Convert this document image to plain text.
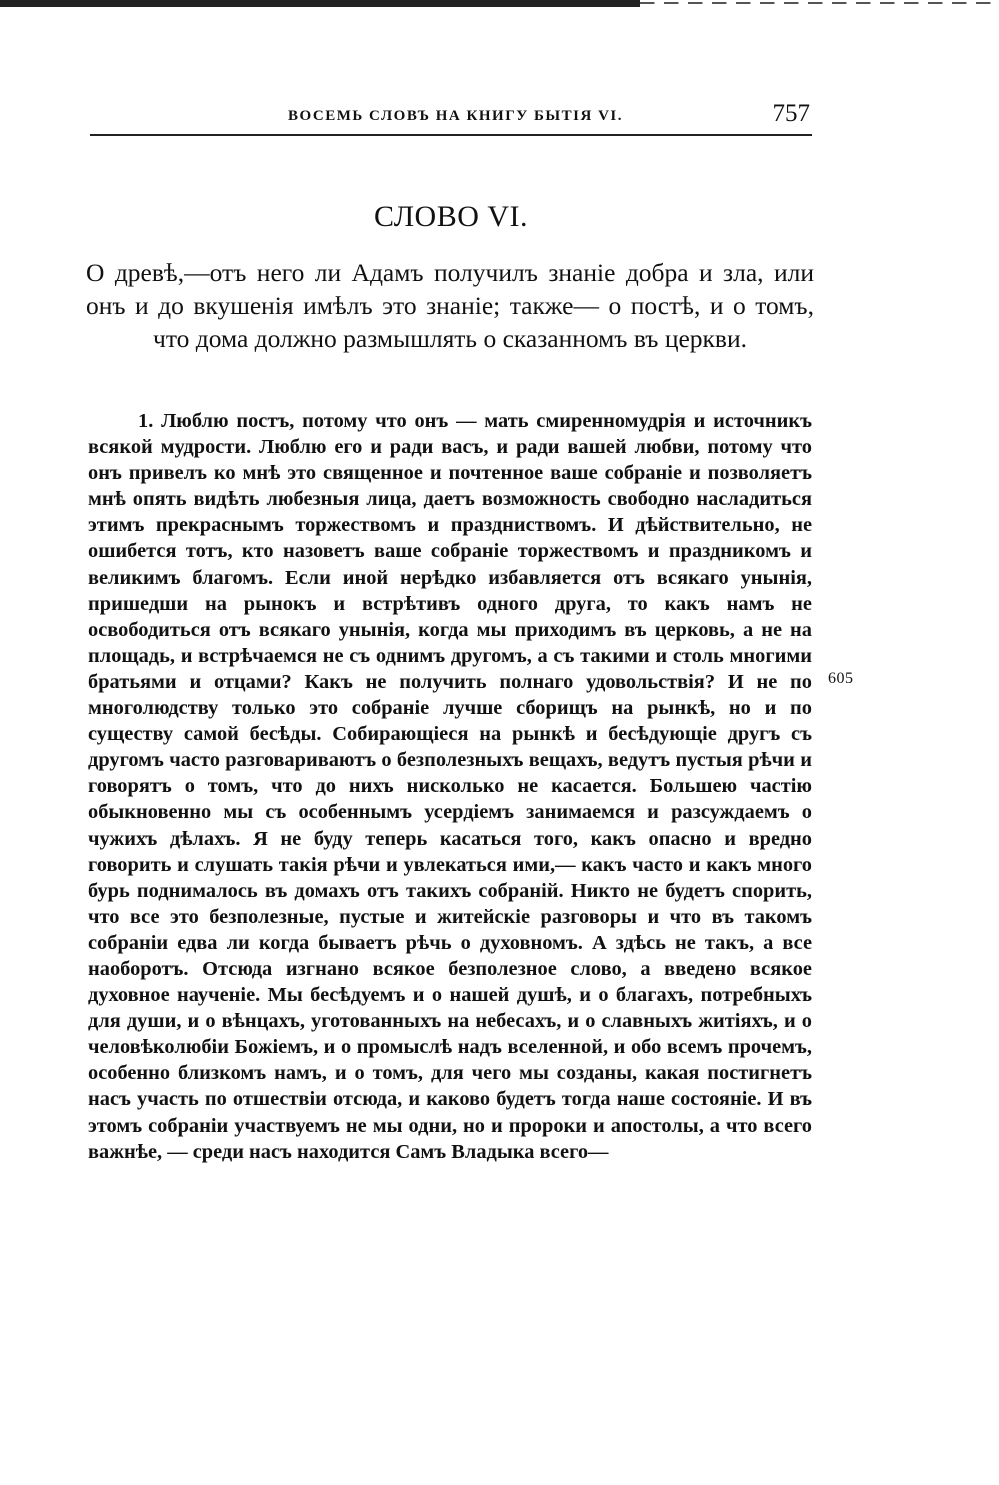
ВОСЕМЬ СЛОВЪ НА КНИГУ БЫТІЯ VI.	757
СЛОВО VI.
О древѣ,—отъ него ли Адамъ получилъ знаніе добра и зла, или онъ и до вкушенія имѣлъ это знаніе; также— о постѣ, и о томъ, что дома должно размышлять о сказанномъ въ церкви.

1. Люблю постъ, потому что онъ — мать смиренномудрія и источникъ всякой мудрости. Люблю его и ради васъ, и ради вашей любви, потому что онъ привелъ ко мнѣ это священное и почтенное ваше собраніе и позволяетъ мнѣ опять видѣть любезныя лица, даетъ возможность свободно насладиться этимъ прекраснымъ торжествомъ и праздниствомъ. И дѣйствительно, не ошибется тотъ, кто назоветъ ваше собраніе торжествомъ и праздникомъ и великимъ благомъ. Если иной нерѣдко избавляется отъ всякаго унынія, пришедши на рынокъ и встрѣтивъ одного друга, то какъ намъ не освободиться отъ всякаго унынія, когда мы приходимъ въ церковь, а не на площадь, и встрѣчаемся не съ однимъ другомъ, а съ такими и столь многими братьями и отцами? Какъ не получить полнаго удовольствія? И не по многолюдству только это собраніе лучше сборищъ на рынкѣ, но и по существу самой бесѣды. Собирающіеся на рынкѣ и бесѣдующіе другъ съ другомъ часто разговариваютъ о безполезныхъ вещахъ, ведутъ пустыя рѣчи и говорятъ о томъ, что до нихъ нисколько не касается. Большею частію обыкновенно мы съ особеннымъ усердіемъ занимаемся и разсуждаемъ о чужихъ дѣлахъ. Я не буду теперь касаться того, какъ опасно и вредно говорить и слушать такія рѣчи и увлекаться ими,— какъ часто и какъ много бурь поднималось въ домахъ отъ такихъ собраній. Никто не будетъ спорить, что все это безполезные, пустые и житейскіе разговоры и что въ такомъ собраніи едва ли когда бываетъ рѣчь о духовномъ. А здѣсь не такъ, а все наоборотъ. Отсюда изгнано всякое безполезное слово, а введено всякое духовное наученіе. Мы бесѣдуемъ и о нашей душѣ, и о благахъ, потребныхъ для души, и о вѣнцахъ, уготованныхъ на небесахъ, и о славныхъ житіяхъ, и о человѣколюбіи Божіемъ, и о промыслѣ надъ вселенной, и обо всемъ прочемъ, особенно близкомъ намъ, и о томъ, для чего мы созданы, какая постигнетъ насъ участь по отшествіи отсюда, и каково будетъ тогда наше состояніе. И въ этомъ собраніи участвуемъ не мы одни, но и пророки и апостолы, а что всего важнѣе, — среди насъ находится Самъ Владыка всего—

605
